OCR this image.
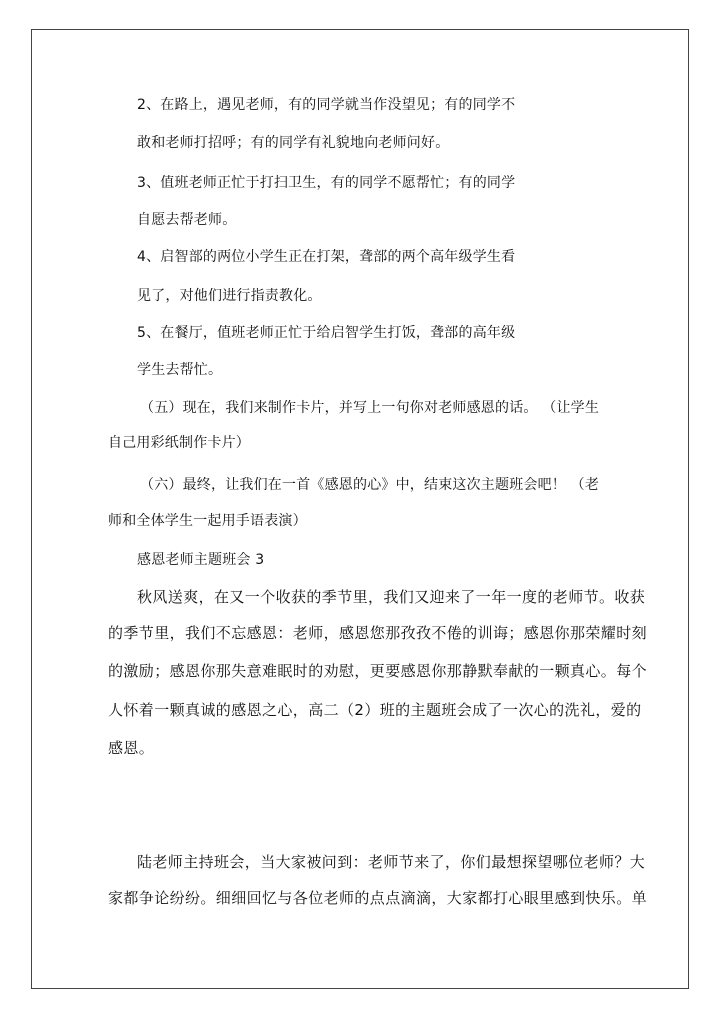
2、在路上，遇见老师，有的同学就当作没望见；有的同学不
敢和老师打招呼；有的同学有礼貌地向老师问好。
3、值班老师正忙于打扫卫生，有的同学不愿帮忙；有的同学
自愿去帮老师。
4、启智部的两位小学生正在打架，聋部的两个高年级学生看
见了，对他们进行指责教化。
5、在餐厅，值班老师正忙于给启智学生打饭，聋部的高年级
学生去帮忙。
（五）现在，我们来制作卡片，并写上一句你对老师感恩的话。 （让学生
自己用彩纸制作卡片）
（六）最终，让我们在一首《感恩的心》中，结束这次主题班会吧！ （老
师和全体学生一起用手语表演）
感恩老师主题班会 3
秋风送爽，在又一个收获的季节里，我们又迎来了一年一度的老师节。收获
的季节里，我们不忘感恩：老师，感恩您那孜孜不倦的训诲；感恩你那荣耀时刻
的激励；感恩你那失意难眠时的劝慰，更要感恩你那静默奉献的一颗真心。每个
人怀着一颗真诚的感恩之心，高二（2）班的主题班会成了一次心的洗礼，爱的
感恩。
陆老师主持班会，当大家被问到：老师节来了，你们最想探望哪位老师？大
家都争论纷纷。细细回忆与各位老师的点点滴滴，大家都打心眼里感到快乐。单
